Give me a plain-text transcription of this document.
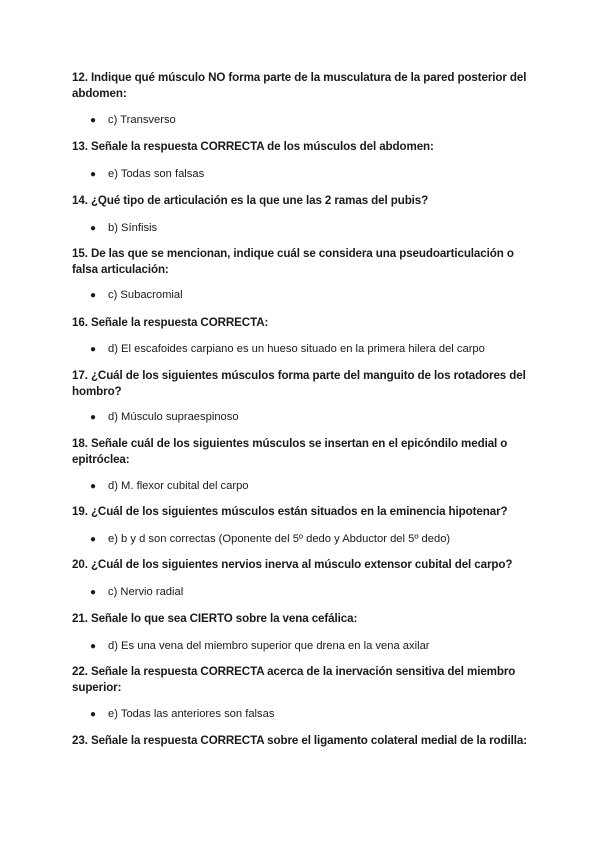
12. Indique qué músculo NO forma parte de la musculatura de la pared posterior del abdomen:
● c) Transverso
13. Señale la respuesta CORRECTA de los músculos del abdomen:
● e) Todas son falsas
14. ¿Qué tipo de articulación es la que une las 2 ramas del pubis?
● b) Sínfisis
15. De las que se mencionan, indique cuál se considera una pseudoarticulación o falsa articulación:
● c) Subacromial
16. Señale la respuesta CORRECTA:
● d) El escafoides carpiano es un hueso situado en la primera hilera del carpo
17. ¿Cuál de los siguientes músculos forma parte del manguito de los rotadores del hombro?
● d) Músculo supraespinoso
18. Señale cuál de los siguientes músculos se insertan en el epicóndilo medial o epitróclea:
● d) M. flexor cubital del carpo
19. ¿Cuál de los siguientes músculos están situados en la eminencia hipotenar?
● e) b y d son correctas (Oponente del 5º dedo y Abductor del 5º dedo)
20. ¿Cuál de los siguientes nervios inerva al músculo extensor cubital del carpo?
● c) Nervio radial
21. Señale lo que sea CIERTO sobre la vena cefálica:
● d) Es una vena del miembro superior que drena en la vena axilar
22. Señale la respuesta CORRECTA acerca de la inervación sensitiva del miembro superior:
● e) Todas las anteriores son falsas
23. Señale la respuesta CORRECTA sobre el ligamento colateral medial de la rodilla:
